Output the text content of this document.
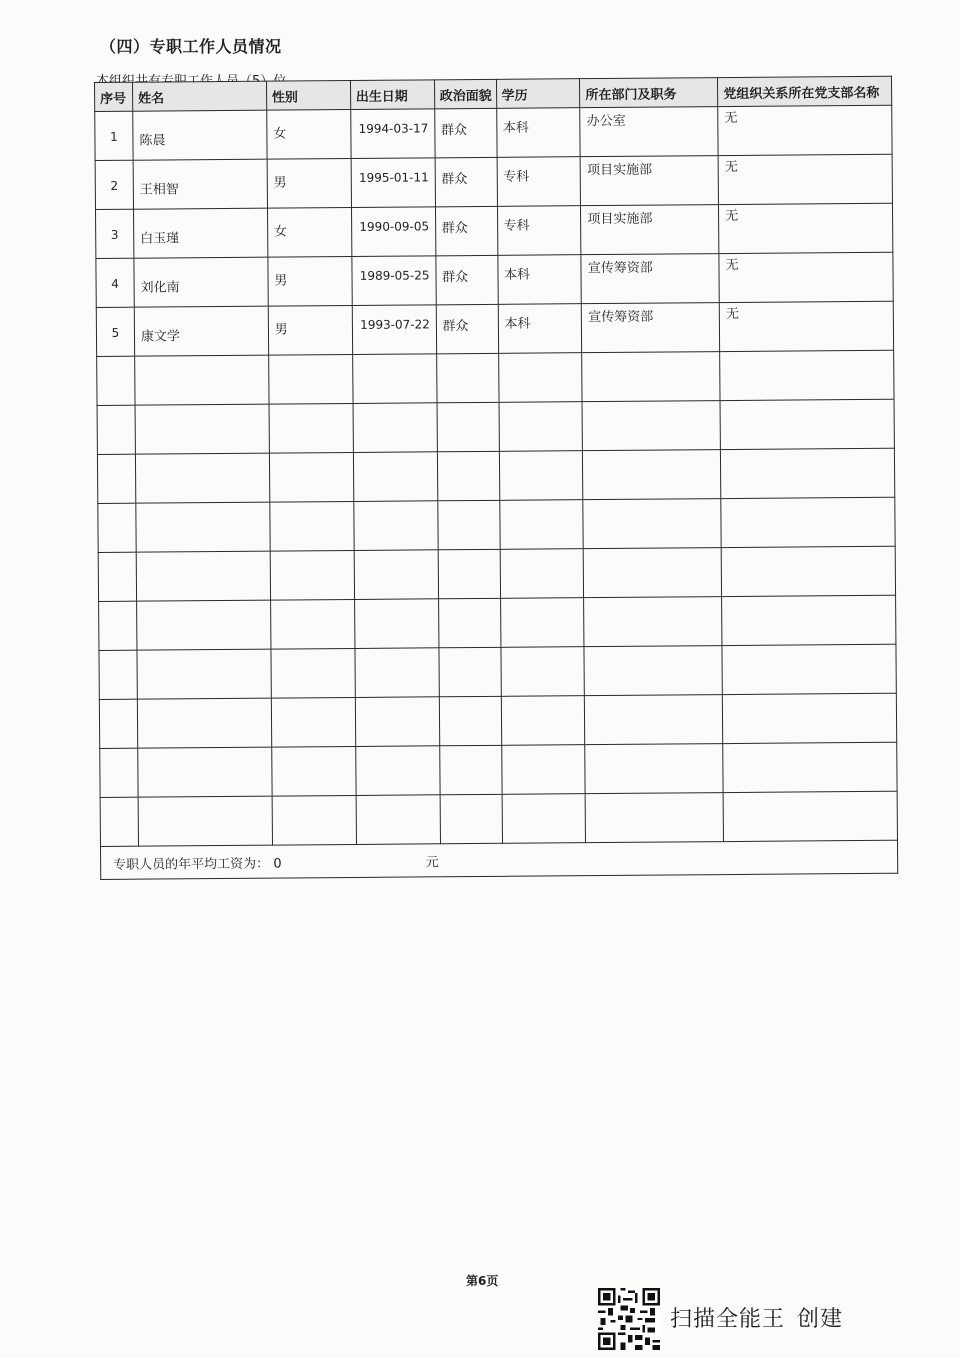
（四）专职工作人员情况
序号	姓名	性别	出生日期	政治面貌	学历	所在部门及职务	党组织关系所在党支部名称

1	陈晨	女	1994-03-17	群众	本科	办公室	无

2	王相智	男	1995-01-11	群众	专科	项目实施部	无

3	白玉瑾	女	1990-09-05	群众	专科	项目实施部	无

4	刘化南	男	1989-05-25	群众	本科	宣传筹资部	无

5	康文学	男	1993-07-22	群众	本科	宣传筹资部	无

专职人员的年平均工资为： 0 元							
第6页
扫描全能王 创建
